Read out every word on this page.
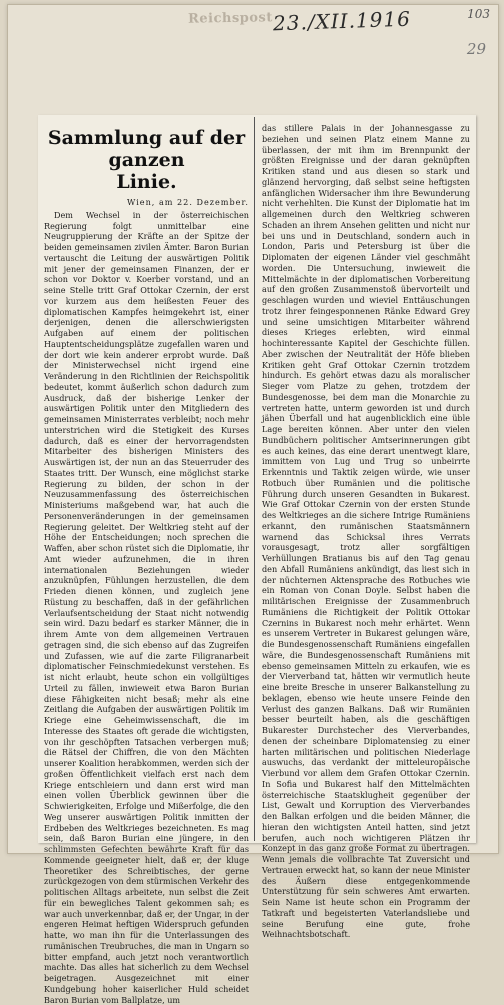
Reichspost 23./XII.1916	103
29
Sammlung auf der ganzen
Linie.

Wien, am 22. Dezember.

Dem Wechsel in der österreichischen Regierung folgt unmittelbar eine Neugruppierung der Kräfte an der Spitze der beiden gemeinsamen zivilen Ämter. Baron Burian vertauscht die Leitung der auswärtigen Politik mit jener der gemeinsamen Finanzen, der er schon vor Doktor v. Koerber vorstand, und an seine Stelle tritt Graf Ottokar Czernin, der erst vor kurzem aus dem heißesten Feuer des diplomatischen Kampfes heimgekehrt ist, einer derjenigen, denen die allerschwierigsten Aufgaben auf einem der politischen Hauptentscheidungsplätze zugefallen waren und der dort wie kein anderer erprobt wurde. Daß der Ministerwechsel nicht irgend eine Veränderung in den Richtlinien der Reichspolitik bedeutet, kommt äußerlich schon dadurch zum Ausdruck, daß der bisherige Lenker der auswärtigen Politik unter den Mitgliedern des gemeinsamen Ministerrates verbleibt; noch mehr unterstrichen wird die Stetigkeit des Kurses dadurch, daß es einer der hervorragendsten Mitarbeiter des bisherigen Ministers des Auswärtigen ist, der nun an das Steuerruder des Staates tritt. Der Wunsch, eine möglichst starke Regierung zu bilden, der schon in der Neuzusammenfassung des österreichischen Ministeriums maßgebend war, hat auch die Personenveränderungen in der gemeinsamen Regierung geleitet. Der Weltkrieg steht auf der Höhe der Entscheidungen; noch sprechen die Waffen, aber schon rüstet sich die Diplomatie, ihr Amt wieder aufzunehmen, die in ihren internationalen Beziehungen wieder anzuknüpfen, Fühlungen herzustellen, die dem Frieden dienen können, und zugleich jene Rüstung zu beschaffen, daß in der gefährlichen Verlaufsentscheidung der Staat nicht notwendig sein wird. Dazu bedarf es starker Männer, die in ihrem Amte von dem allgemeinen Vertrauen getragen sind, die sich ebenso auf das Zugreifen und Zufassen, wie auf die zarte Filigranarbeit diplomatischer Feinschmiedekunst verstehen. Es ist nicht erlaubt, heute schon ein vollgültiges Urteil zu fällen, inwieweit etwa Baron Burian diese Fähigkeiten nicht besaß; mehr als eine Zeitlang die Aufgaben der auswärtigen Politik im Kriege eine Geheimwissenschaft, die im Interesse des Staates oft gerade die wichtigsten, von ihr geschöpften Tatsachen verbergen muß; die Rätsel der Chiffren, die von den Mächten unserer Koalition herabkommen, werden sich der großen Öffentlichkeit vielfach erst nach dem Kriege entschleiern und dann erst wird man einen vollen Überblick gewinnen über die Schwierigkeiten, Erfolge und Mißerfolge, die den Weg unserer auswärtigen Politik inmitten der Erdbeben des Weltkrieges bezeichneten. Es mag sein, daß Baron Burian eine jüngere, in den schlimmsten Gefechten bewährte Kraft für das Kommende geeigneter hielt, daß er, der kluge Theoretiker des Schreibtisches, der gerne zurückgezogen von dem stürmischen Verkehr des politischen Alltags arbeitete, nun selbst die Zeit für ein bewegliches Talent gekommen sah; es war auch unverkennbar, daß er, der Ungar, in der engeren Heimat heftigen Widerspruch gefunden hatte, wo man ihn für die Unterlassungen des rumänischen Treubruches, die man in Ungarn so bitter empfand, auch jetzt noch verantwortlich machte. Das alles hat sicherlich zu dem Wechsel beigetragen. Ausgezeichnet mit einer Kundgebung hoher kaiserlicher Huld scheidet Baron Burian vom Ballplatze, um

das stillere Palais in der Johannesgasse zu beziehen und seinen Platz einem Manne zu überlassen, der mit ihm im Brennpunkt der größten Ereignisse und der daran geknüpften Kritiken stand und aus diesen so stark und glänzend hervorging, daß selbst seine heftigsten anfänglichen Widersacher ihm ihre Bewunderung nicht verhehlten. Die Kunst der Diplomatie hat im allgemeinen durch den Weltkrieg schweren Schaden an ihrem Ansehen gelitten und nicht nur bei uns und in Deutschland, sondern auch in London, Paris und Petersburg ist über die Diplomaten der eigenen Länder viel geschmäht worden. Die Untersuchung, inwieweit die Mittelmächte in der diplomatischen Vorbereitung auf den großen Zusammenstoß übervorteilt und geschlagen wurden und wieviel Enttäuschungen trotz ihrer feingesponnenen Ränke Edward Grey und seine umsichtigen Mitarbeiter während dieses Krieges erlebten, wird einmal hochinteressante Kapitel der Geschichte füllen. Aber zwischen der Neutralität der Höfe blieben Kritiken geht Graf Ottokar Czernin trotzdem hindurch. Es gehört etwas dazu als moralischer Sieger vom Platze zu gehen, trotzdem der Bundesgenosse, bei dem man die Monarchie zu vertreten hatte, unterm geworden ist und durch jähen Überfall und hat augenblicklich eine üble Lage bereiten können. Aber unter den vielen Bundbüchern politischer Amtserinnerungen gibt es auch keines, das eine derart unentwegt klare, immittem von Lug und Trug so unbeirrte Erkenntnis und Taktik zeigen würde, wie unser Rotbuch über Rumänien und die politische Führung durch unseren Gesandten in Bukarest. Wie Graf Ottokar Czernin von der ersten Stunde des Weltkrieges an die sichere Intrige Rumäniens erkannt, den rumänischen Staatsmännern warnend das Schicksal ihres Verrats vorausgesagt, trotz aller sorgfältigen Verhüllungen Bratianus bis auf den Tag genau den Abfall Rumäniens ankündigt, das liest sich in der nüchternen Aktensprache des Rotbuches wie ein Roman von Conan Doyle. Selbst haben die militärischen Ereignisse der Zusammenbruch Rumäniens die Richtigkeit der Politik Ottokar Czernins in Bukarest noch mehr erhärtet. Wenn es unserem Vertreter in Bukarest gelungen wäre, die Bundesgenossenschaft Rumäniens eingefallen wäre, die Bundesgenossenschaft Rumäniens mit ebenso gemeinsamen Mitteln zu erkaufen, wie es der Vierverband tat, hätten wir vermutlich heute eine breite Bresche in unserer Balkanstellung zu beklagen, ebenso wie heute unsere Feinde den Verlust des ganzen Balkans. Daß wir Rumänien besser beurteilt haben, als die geschäftigen Bukarester Durchstecher des Vierverbandes, denen der scheinbare Diplomatensieg zu einer harten militärischen und politischen Niederlage auswuchs, das verdankt der mitteleuropäische Vierbund vor allem dem Grafen Ottokar Czernin. In Sofia und Bukarest half den Mittelmächten österreichische Staatsklugheit gegenüber der List, Gewalt und Korruption des Vierverbandes den Balkan erfolgen und die beiden Männer, die hieran den wichtigsten Anteil hatten, sind jetzt berufen, auch noch wichtigeren Plätzen ihr Konzept in das ganz große Format zu übertragen. Wenn jemals die vollbrachte Tat Zuversicht und Vertrauen erweckt hat, so kann der neue Minister des Äußern diese entgegenkommende Unterstützung für sein schweres Amt erwarten. Sein Name ist heute schon ein Programm der Tatkraft und begeisterten Vaterlandsliebe und seine Berufung eine gute, frohe Weihnachtsbotschaft.
